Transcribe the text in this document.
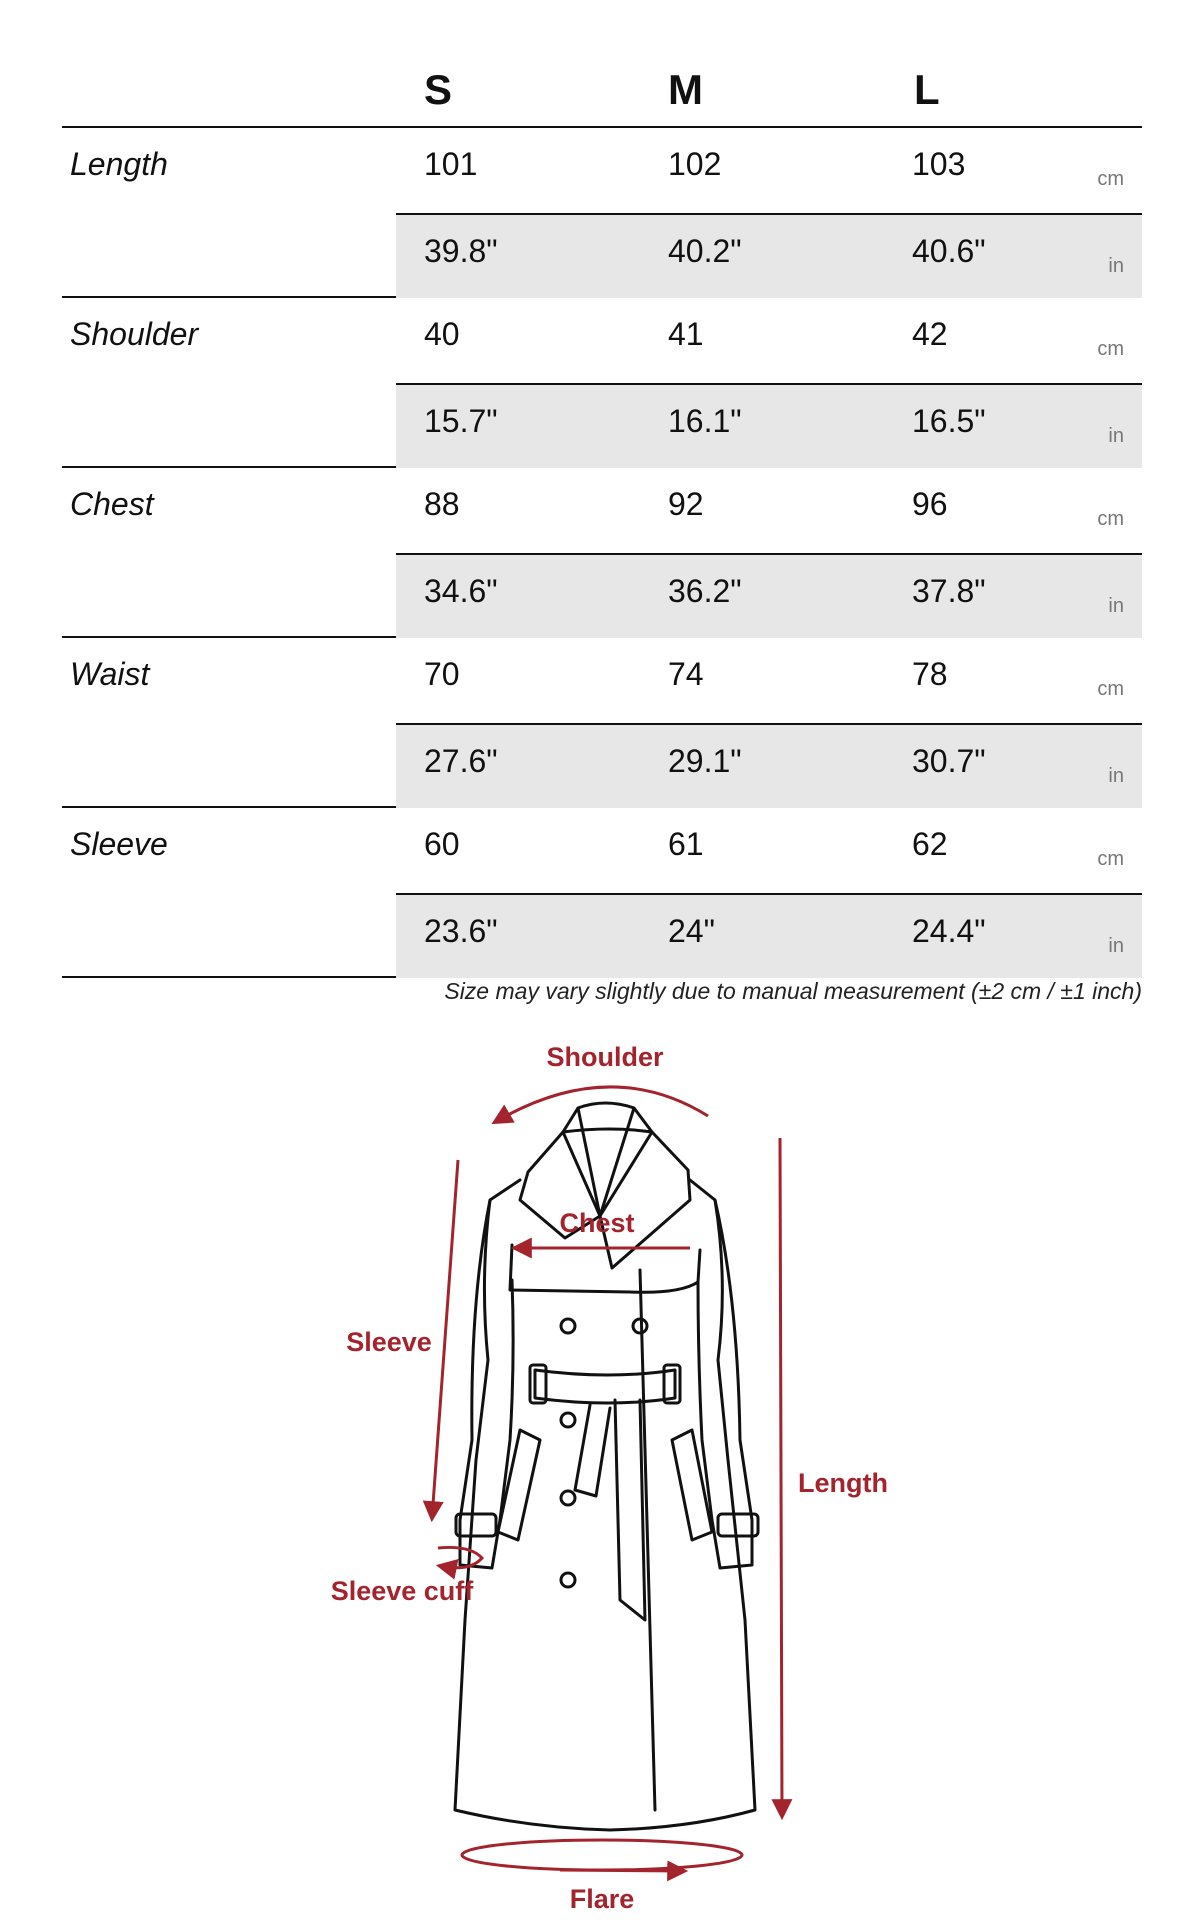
S	M	L
Length	101	102	103	cm
39.8"	40.2"	40.6"	in
Shoulder	40	41	42	cm
15.7"	16.1"	16.5"	in
Chest	88	92	96	cm
34.6"	36.2"	37.8"	in
Waist	70	74	78	cm
27.6"	29.1"	30.7"	in
Sleeve	60	61	62	cm
23.6"	24"	24.4"	in
Size may vary slightly due to manual measurement (±2 cm / ±1 inch)
Shoulder
Chest
Sleeve
Sleeve cuff
Length
Flare
